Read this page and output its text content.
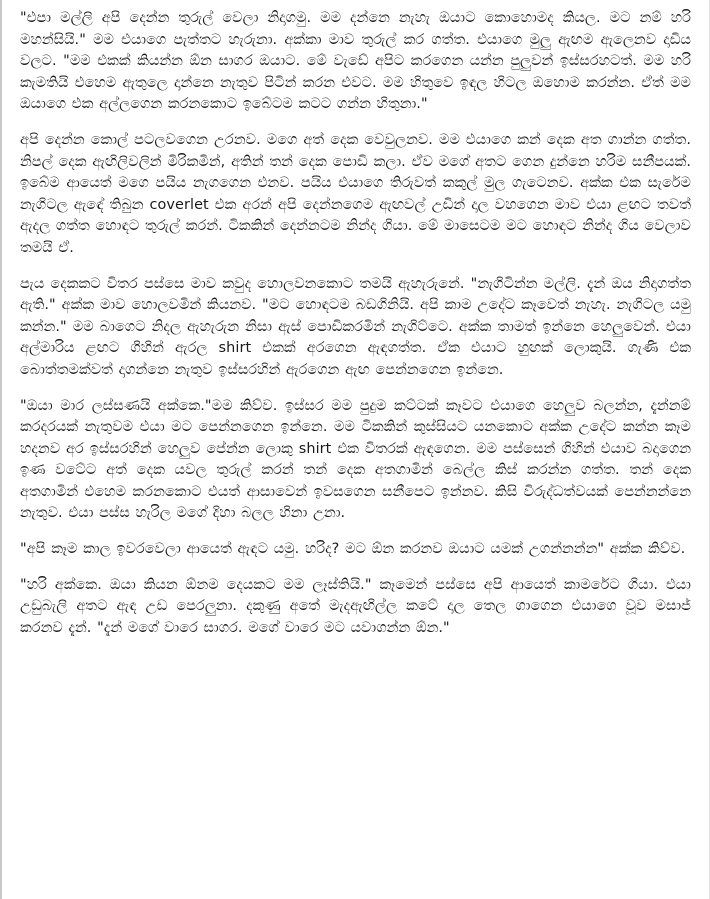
"එපා මල්ලි අපි දෙන්න තුරුල් වෙලා නිදාගමු. මම දන්නෙ නැහැ ඔයාට කොහොමද කියල. මට නම් හරි මහන්සියි." මම එයාගෙ පැත්තට හැරුනා. අක්කා මාව තුරුල් කර ගත්ත. එයාගෙ මුලු ඇඟම ඇලෙනව දාඩිය වලට. "මම එකක් කියන්න ඕන සාගර ඔයාට. මේ වැඩේ අපිට කරගෙන යන්න පුලුවන් ඉස්සරහටත්. මම හරි කැමතියි එහෙම ඇතුලෙ දාන්නෙ නැතුව පිටින් කරන එවට. මම හිතුවෙ ඉඳල හිටල ඔහොම කරන්න. ඒත් මම ඔයාගෙ එක අල්ලගෙන කරනකොට ඉබේටම කටට ගන්න හිතුනා."

අපි දෙන්න කොල් පටලවගෙන උරනව. මගෙ අත් දෙක වෙවුලනව. මම එයාගෙ කන් දෙක අත ගාන්න ගත්ත. නිපල් දෙක ඇඟිලිවලින් මිරිකමින්, අතින් තන් දෙක පොඩි කලා. ඒව මගේ අතට ගෙන දුන්නෙ හරිම සනීපයක්. ඉබේම ආයෙත් මගෙ පයිය නැගගෙන එනව. පයිය එයාගෙ තිරුවත් කකුල් මුල ගැටෙනව. අක්ක එක සැරේම නැගිටල ඇඳේ තිබුන coverlet එක අරන් අපි දෙන්නගෙම ඇඟවල් උඩින් දාල වහගෙන මාව එයා ළඟට තවත් ඇදල ගත්ත හොඳට තුරුල් කරන්. ටිකකින් දෙන්නටම නින්ද ගියා. මේ මාසෙටම මට හොඳට නින්ද ගිය වෙලාව තමයි ඒ.

පැය දෙකකට විතර පස්සෙ මාව කවුද හොලවනකොට තමයි ඇහැරුනේ. "නැගිටින්න මල්ලි. දැන් ඔය නිදාගත්ත ඇති." අක්ක මාව හොලවමින් කියනව. "මට හොඳටම බඩගිනියි. අපි කාම උදේට කෑවෙත් නැහැ. නැගිටල යමු කන්න." මම බාගෙට නිදල ඇහැරුන නිසා ඇස් පොඩිකරමින් නැගිට්ටෙ. අක්ක තාමත් ඉන්නෙ හෙලුවෙන්. එයා අල්මාරිය ළඟට ගිහින් ඇරල shirt එකක් අරගෙන ඇඳගත්ත. ඒක එයාට හුඟක් ලොකුයි. ගැණි එක බොත්තමක්වත් දාගන්නෙ නැතුව ඉස්සරහින් ඇරගෙන ඇඟ පෙන්නගෙන ඉන්නෙ.

"ඔයා මාර ලස්සණයි අක්කෙ."මම කිව්ව. ඉස්සර මම පුදුම කට්ටක් කෑවට එයාගෙ හෙලුව බලන්න, දැන්නම් කරදරයක් නැතුවම එයා මට පෙන්නගෙන ඉන්නෙ. මම ටිකකින් කුස්සියට යනකොට අක්ක උදේට කන්න කෑම හදනව අර ඉස්සරහින් හෙලුව පේන්න ලොකු shirt එක විතරක් ඇඳගෙන. මම පස්සෙන් ගිහින් එයාව බදාගෙන ඉණ වටේට අත් දෙක යවල තුරුල් කරන් තන් දෙක අතගාමින් බෙල්ල කිස් කරන්න ගත්ත. තන් දෙක අතගාමින් එහෙම කරනකොට එයත් ආසාවෙන් ඉවසගෙන සනීපෙට ඉන්නව. කිසි විරුද්ධත්වයක් පෙන්නන්නෙ නැතුව. එයා පස්ස හැරිල මගේ දිහා බලල හිනා උනා.

"අපි කෑම කාල ඉවරවෙලා ආයෙත් ඇඳට යමු. හරිද? මට ඕන කරනව ඔයාට යමක් උගන්නන්න" අක්ක කිව්ව.

"හරි අක්කෙ. ඔයා කියන ඕනම දෙයකට මම ලෑස්තියි." කෑමෙන් පස්සෙ අපි ආයෙත් කාමරේට ගියා. එයා උඩුබැලි අතට ඇඳ උඩ පෙරලුනා. දකුණු අතේ මැදඇඟිල්ල කටේ දාල තෙල ගාගෙන එයාගෙ වූව මසාජ් කරනව දැන්. "දැන් මගේ වාරෙ සාගර. මගේ වාරෙ මට යවාගන්න ඕන."
